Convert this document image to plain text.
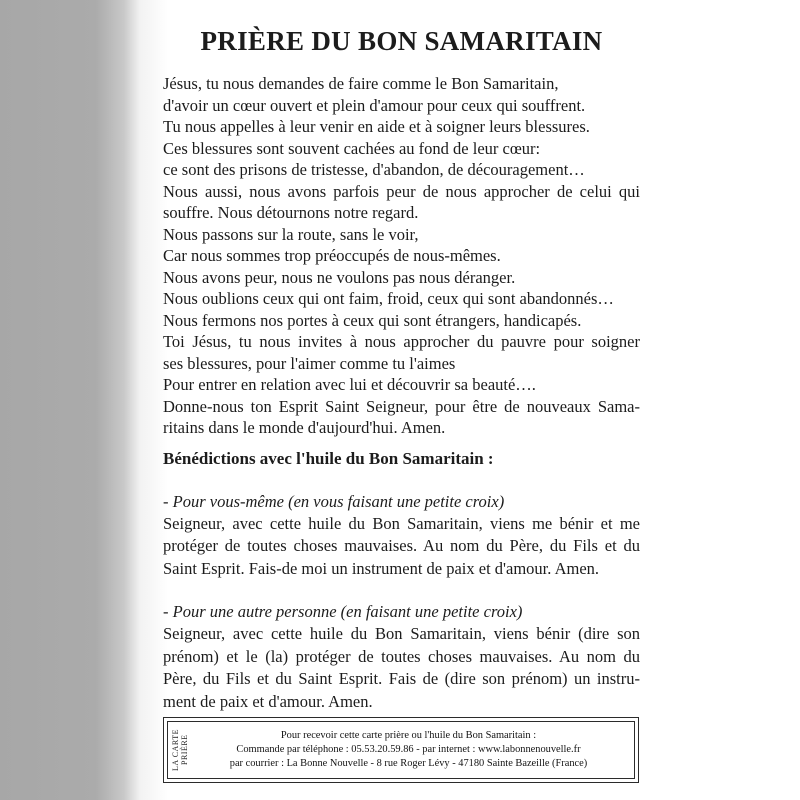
PRIÈRE DU BON SAMARITAIN
Jésus, tu nous demandes de faire comme le Bon Samaritain,
d'avoir un cœur ouvert et plein d'amour pour ceux qui souffrent.
Tu nous appelles à leur venir en aide et à soigner leurs blessures.
Ces blessures sont souvent cachées au fond de leur cœur:
ce sont des prisons de tristesse, d'abandon, de découragement…
Nous aussi, nous avons parfois peur de nous approcher de celui qui
souffre. Nous détournons notre regard.
Nous passons sur la route, sans le voir,
Car nous sommes trop préoccupés de nous-mêmes.
Nous avons peur, nous ne voulons pas nous déranger.
Nous oublions ceux qui ont faim, froid, ceux qui sont abandonnés…
Nous fermons nos portes à ceux qui sont étrangers, handicapés.
Toi Jésus, tu nous invites à nous approcher du pauvre pour soigner
ses blessures, pour l'aimer comme tu l'aimes
Pour entrer en relation avec lui et découvrir sa beauté….
Donne-nous ton Esprit Saint Seigneur, pour être de nouveaux Sama-
ritains dans le monde d'aujourd'hui. Amen.
Bénédictions avec l'huile du Bon Samaritain :
- Pour vous-même (en vous faisant une petite croix)
Seigneur, avec cette huile du Bon Samaritain, viens me bénir et me
protéger de toutes choses mauvaises. Au nom du Père, du Fils et du
Saint Esprit. Fais-de moi un instrument de paix et d'amour. Amen.
- Pour une autre personne (en faisant une petite croix)
Seigneur, avec cette huile du Bon Samaritain, viens bénir (dire son
prénom) et le (la) protéger de toutes choses mauvaises. Au nom du
Père, du Fils et du Saint Esprit. Fais de (dire son prénom) un instru-
ment de paix et d'amour. Amen.
LA CARTE PRIÈRE	Pour recevoir cette carte prière ou l'huile du Bon Samaritain :
Commande par téléphone : 05.53.20.59.86 - par internet : www.labonnenouvelle.fr
par courrier : La Bonne Nouvelle - 8 rue Roger Lévy - 47180 Sainte Bazeille (France)
